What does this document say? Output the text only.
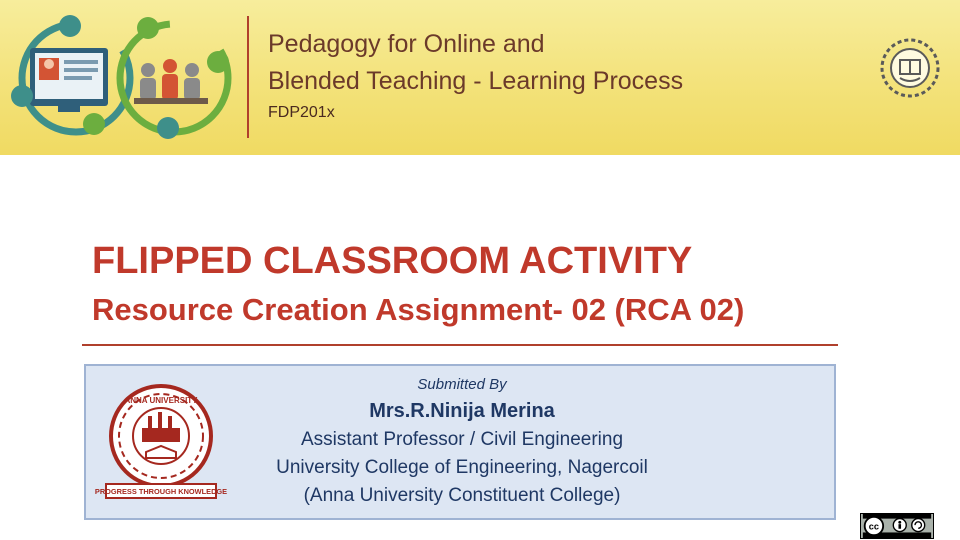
Pedagogy for Online and
Blended Teaching - Learning Process
FDP201x
FLIPPED CLASSROOM ACTIVITY
Resource Creation Assignment- 02 (RCA 02)
PROGRESS THROUGH KNOWLEDGE
ANNA UNIVERSITY
Submitted By
Mrs.R.Ninija Merina
Assistant Professor / Civil Engineering
University College of Engineering, Nagercoil
(Anna University Constituent College)
cc
